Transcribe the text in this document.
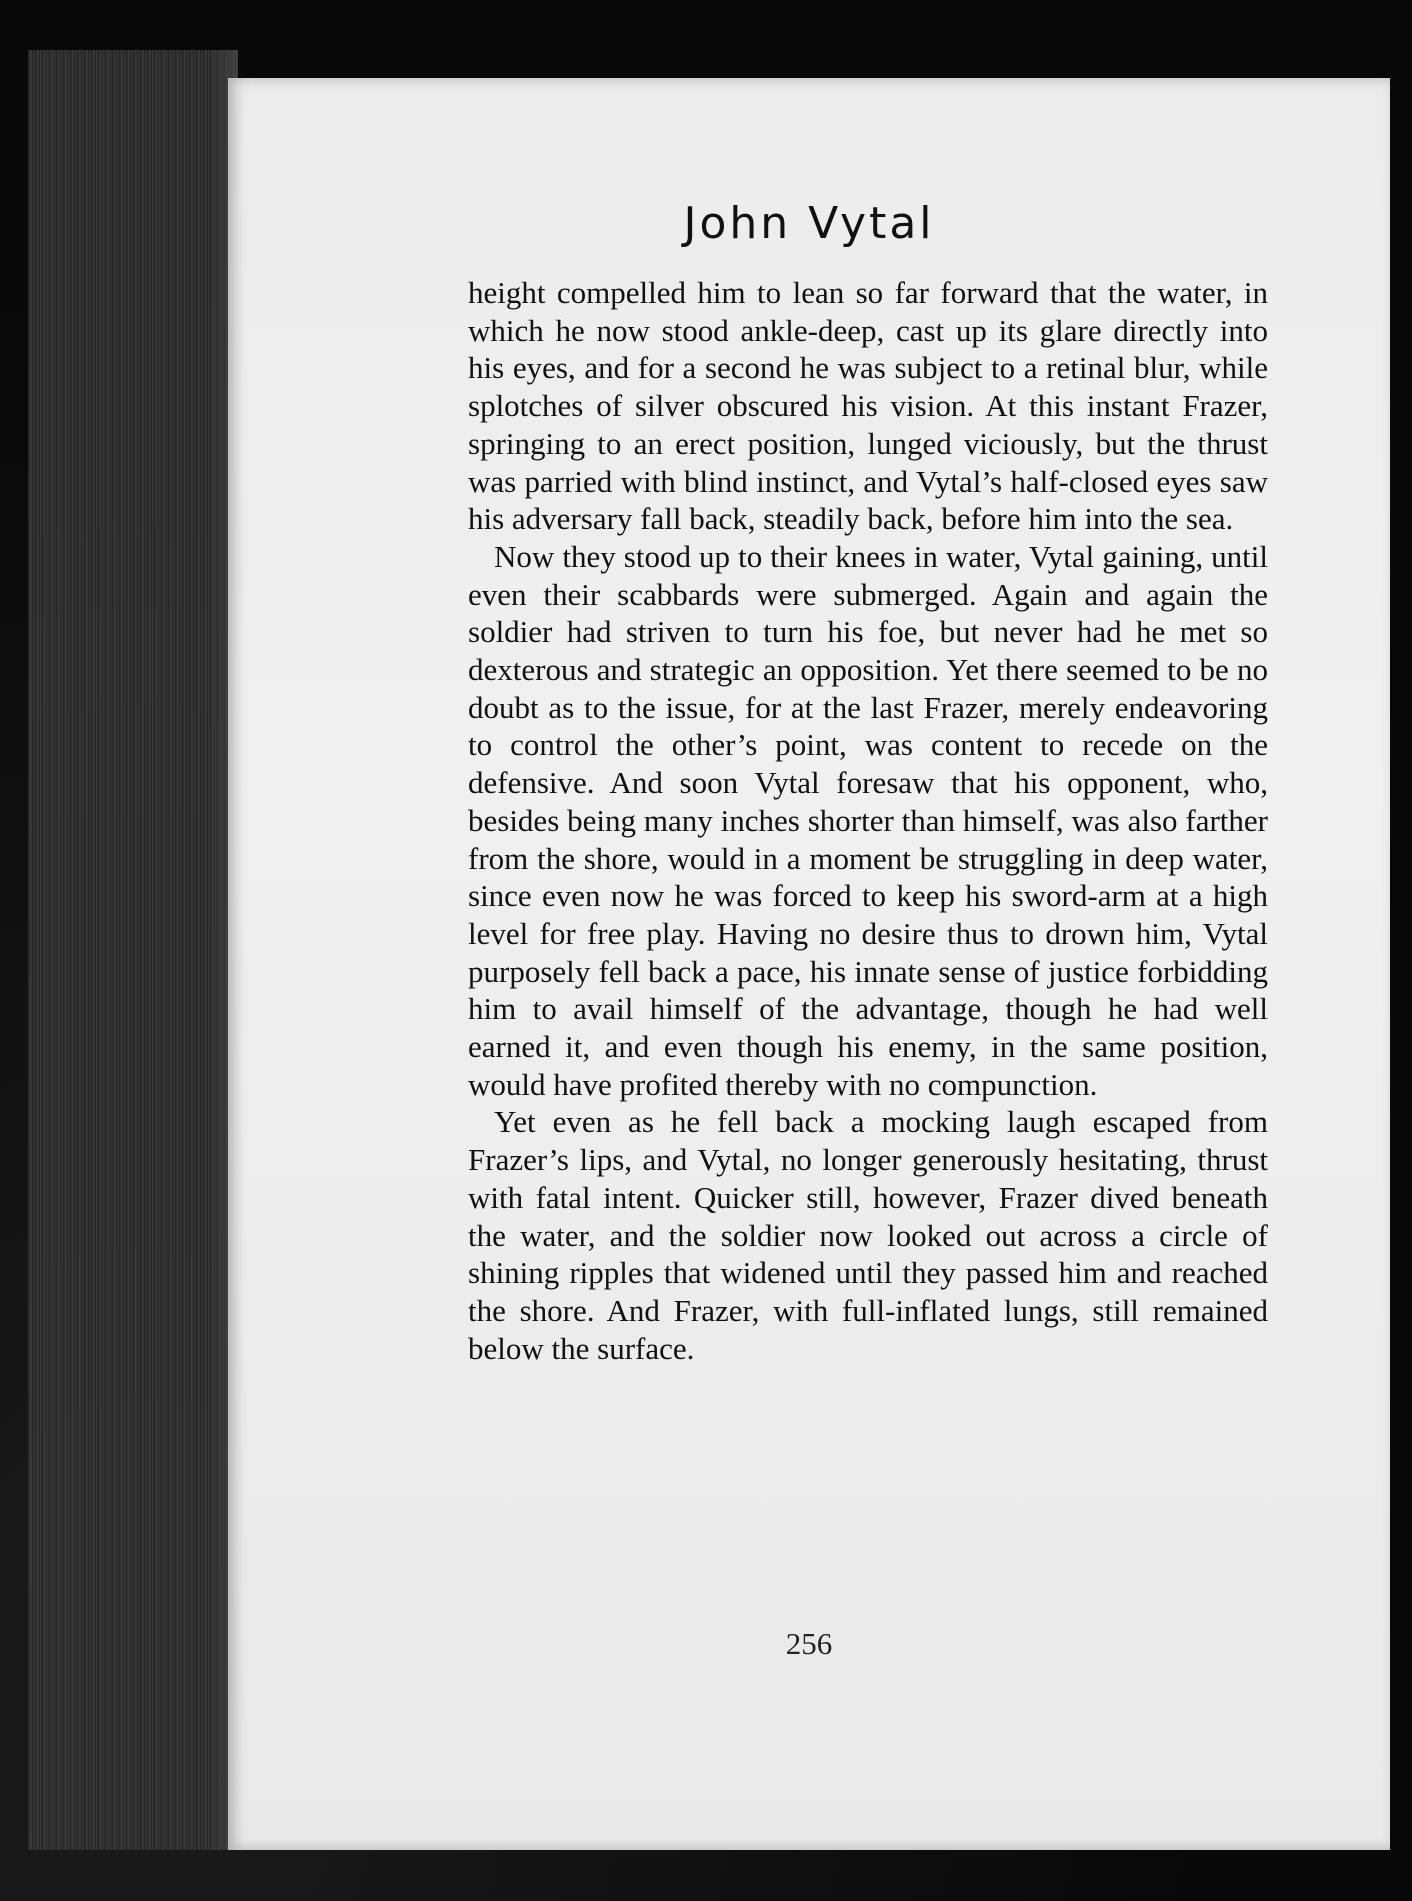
John Vytal

height compelled him to lean so far forward that the water, in which he now stood ankle-deep, cast up its glare directly into his eyes, and for a second he was subject to a retinal blur, while splotches of silver obscured his vision. At this instant Frazer, springing to an erect position, lunged viciously, but the thrust was parried with blind instinct, and Vytal’s half-closed eyes saw his adversary fall back, steadily back, before him into the sea.

Now they stood up to their knees in water, Vytal gaining, until even their scabbards were submerged. Again and again the soldier had striven to turn his foe, but never had he met so dexterous and strategic an opposition. Yet there seemed to be no doubt as to the issue, for at the last Frazer, merely endeavoring to control the other’s point, was content to recede on the defensive. And soon Vytal foresaw that his opponent, who, besides being many inches shorter than himself, was also farther from the shore, would in a moment be struggling in deep water, since even now he was forced to keep his sword-arm at a high level for free play. Having no desire thus to drown him, Vytal purposely fell back a pace, his innate sense of justice forbidding him to avail himself of the advantage, though he had well earned it, and even though his enemy, in the same position, would have profited thereby with no compunction.

Yet even as he fell back a mocking laugh escaped from Frazer’s lips, and Vytal, no longer generously hesitating, thrust with fatal intent. Quicker still, however, Frazer dived beneath the water, and the soldier now looked out across a circle of shining ripples that widened until they passed him and reached the shore. And Frazer, with full-inflated lungs, still remained below the surface.

256
